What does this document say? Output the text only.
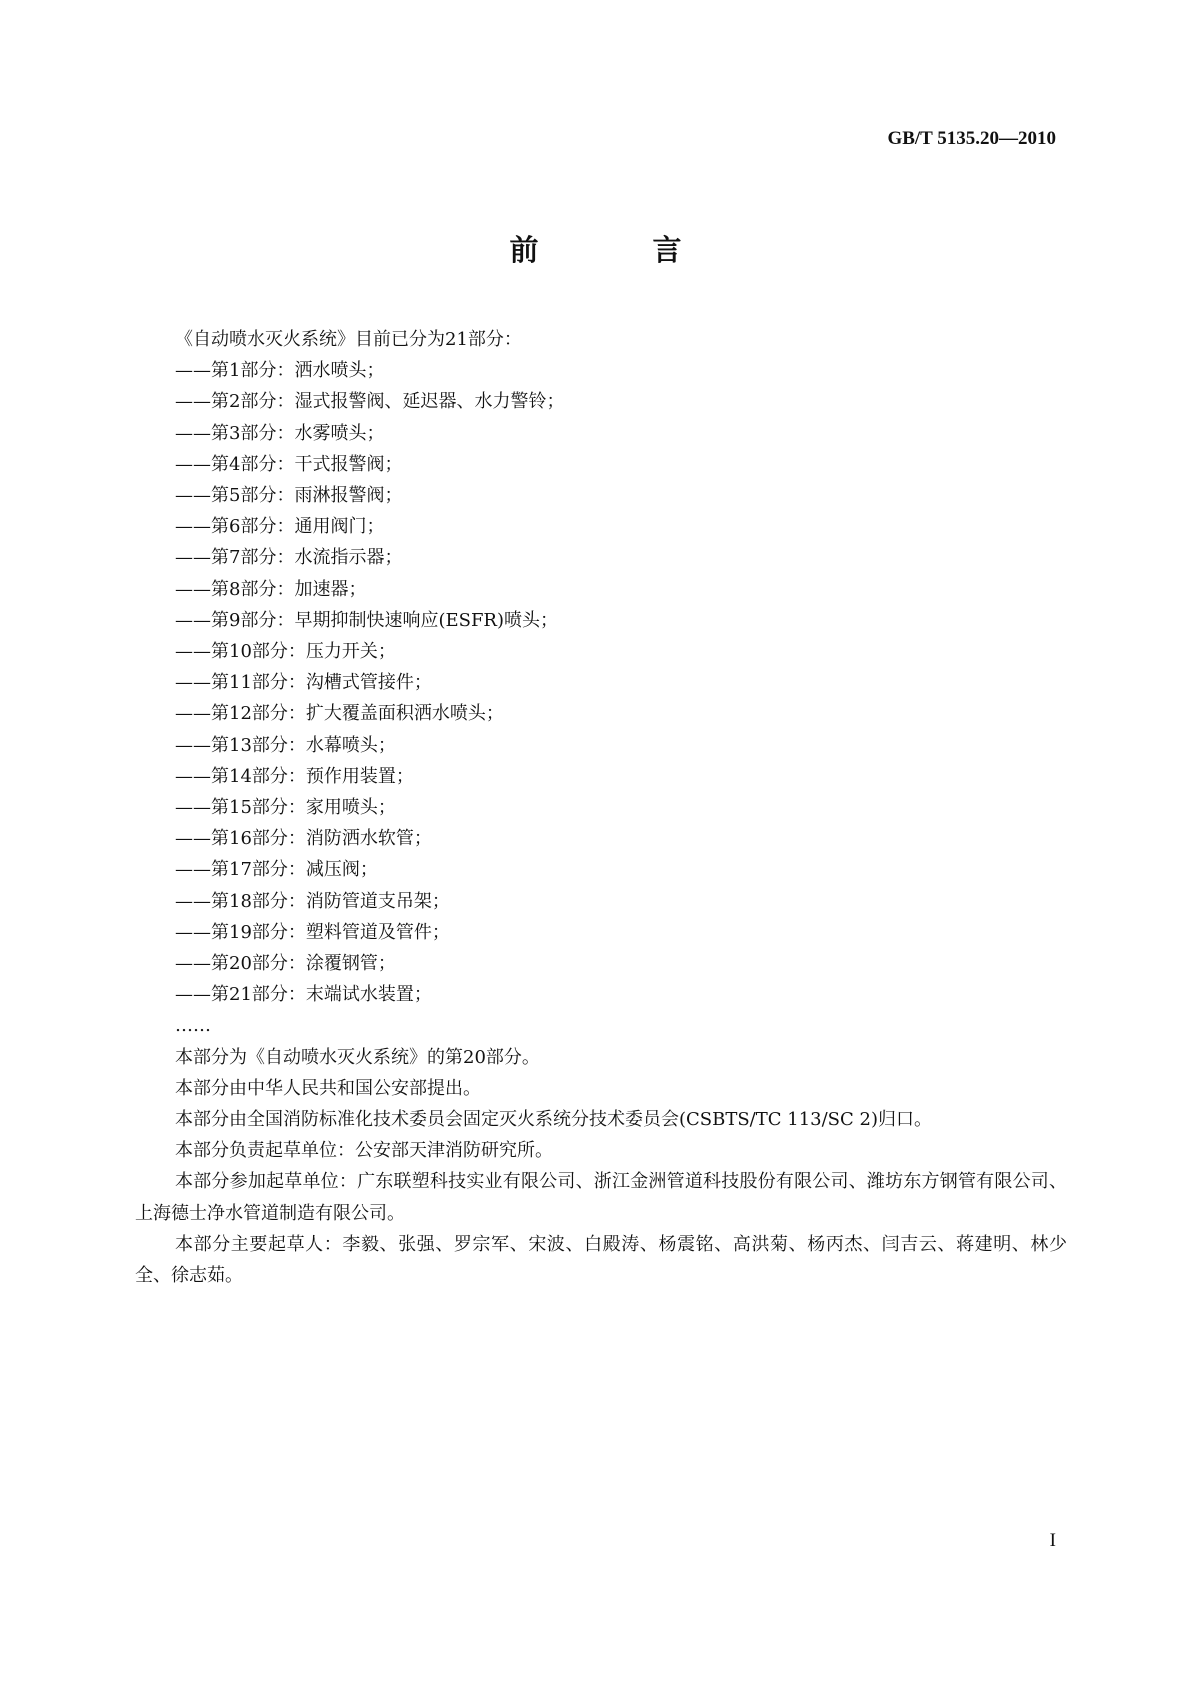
GB/T 5135.20—2010
前 言
《自动喷水灭火系统》目前已分为21部分：
——第1部分：洒水喷头；
——第2部分：湿式报警阀、延迟器、水力警铃；
——第3部分：水雾喷头；
——第4部分：干式报警阀；
——第5部分：雨淋报警阀；
——第6部分：通用阀门；
——第7部分：水流指示器；
——第8部分：加速器；
——第9部分：早期抑制快速响应(ESFR)喷头；
——第10部分：压力开关；
——第11部分：沟槽式管接件；
——第12部分：扩大覆盖面积洒水喷头；
——第13部分：水幕喷头；
——第14部分：预作用装置；
——第15部分：家用喷头；
——第16部分：消防洒水软管；
——第17部分：减压阀；
——第18部分：消防管道支吊架；
——第19部分：塑料管道及管件；
——第20部分：涂覆钢管；
——第21部分：末端试水装置；
……
本部分为《自动喷水灭火系统》的第20部分。
本部分由中华人民共和国公安部提出。
本部分由全国消防标准化技术委员会固定灭火系统分技术委员会(CSBTS/TC 113/SC 2)归口。
本部分负责起草单位：公安部天津消防研究所。
本部分参加起草单位：广东联塑科技实业有限公司、浙江金洲管道科技股份有限公司、潍坊东方钢管有限公司、上海德士净水管道制造有限公司。
本部分主要起草人：李毅、张强、罗宗军、宋波、白殿涛、杨震铭、高洪菊、杨丙杰、闫吉云、蒋建明、林少全、徐志茹。
I
